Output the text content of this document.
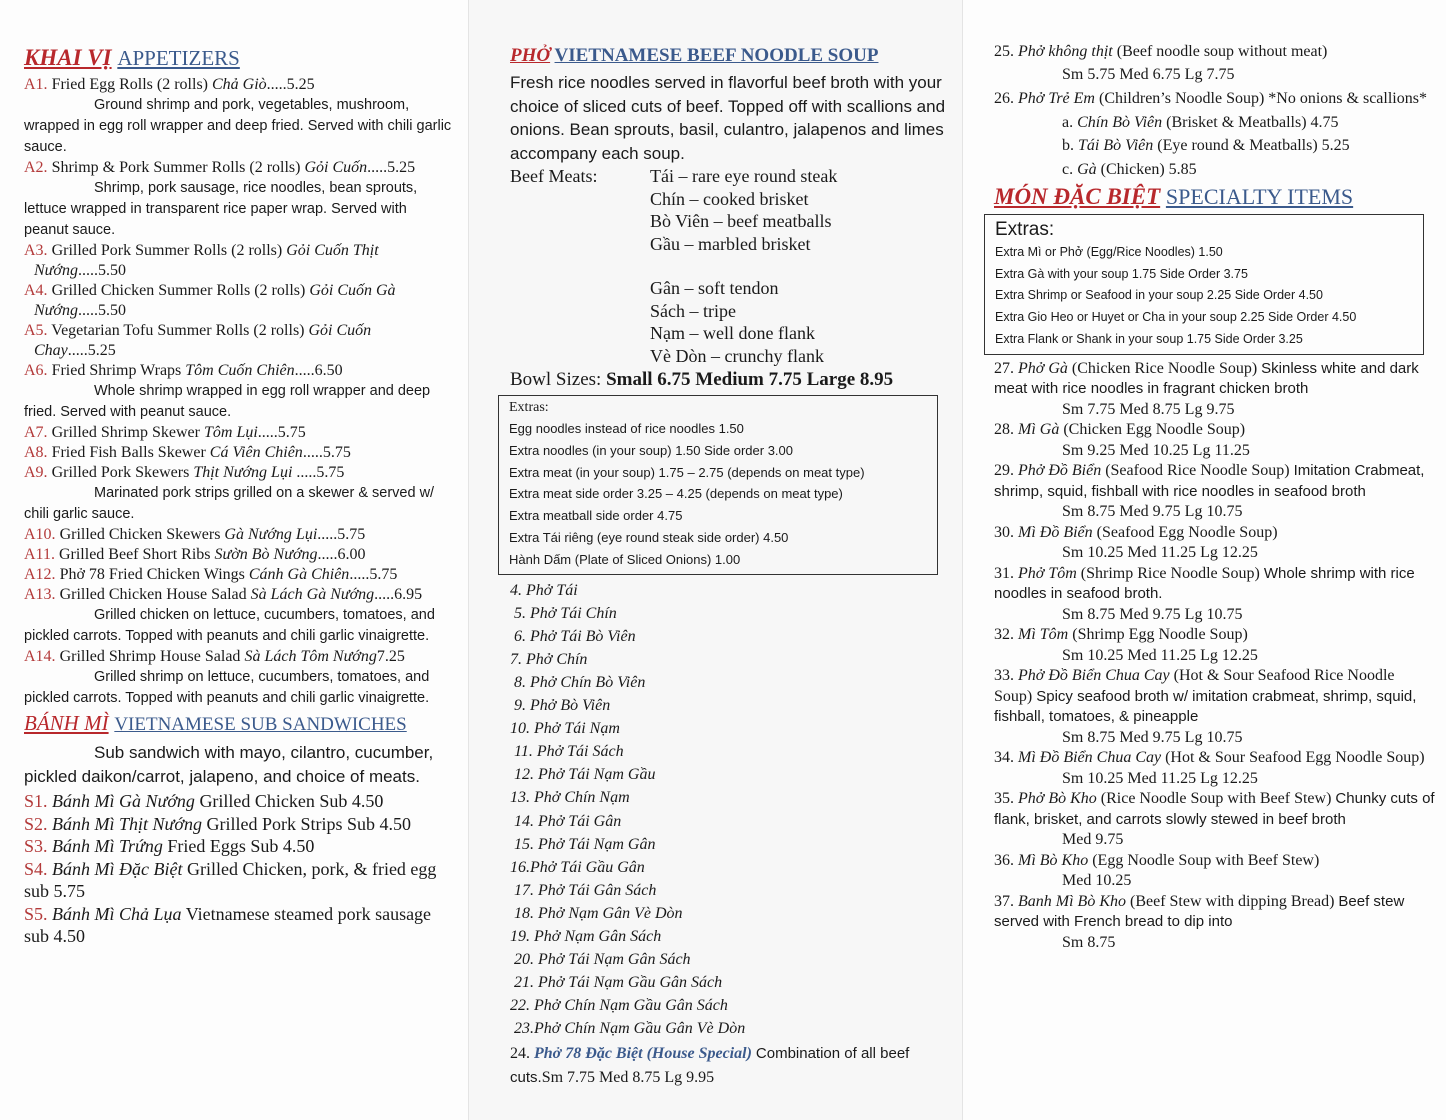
KHAI VỊ APPETIZERS

A1. Fried Egg Rolls (2 rolls) Chả Giò.....5.25

Ground shrimp and pork, vegetables, mushroom, wrapped in egg roll wrapper and deep fried. Served with chili garlic sauce.

A2. Shrimp & Pork Summer Rolls (2 rolls) Gỏi Cuốn.....5.25

Shrimp, pork sausage, rice noodles, bean sprouts, lettuce wrapped in transparent rice paper wrap. Served with peanut sauce.

A3. Grilled Pork Summer Rolls (2 rolls) Gỏi Cuốn Thịt Nướng.....5.50

A4. Grilled Chicken Summer Rolls (2 rolls) Gỏi Cuốn Gà Nướng.....5.50

A5. Vegetarian Tofu Summer Rolls (2 rolls) Gỏi Cuốn Chay.....5.25

A6. Fried Shrimp Wraps Tôm Cuốn Chiên.....6.50

Whole shrimp wrapped in egg roll wrapper and deep fried. Served with peanut sauce.

A7. Grilled Shrimp Skewer Tôm Lụi.....5.75

A8. Fried Fish Balls Skewer Cá Viên Chiên.....5.75

A9. Grilled Pork Skewers Thịt Nướng Lụi .....5.75

Marinated pork strips grilled on a skewer & served w/ chili garlic sauce.

A10. Grilled Chicken Skewers Gà Nướng Lụi.....5.75

A11. Grilled Beef Short Ribs Sườn Bò Nướng.....6.00

A12. Phở 78 Fried Chicken Wings Cánh Gà Chiên.....5.75

A13. Grilled Chicken House Salad Sà Lách Gà Nướng.....6.95

Grilled chicken on lettuce, cucumbers, tomatoes, and pickled carrots. Topped with peanuts and chili garlic vinaigrette.

A14. Grilled Shrimp House Salad Sà Lách Tôm Nướng7.25

Grilled shrimp on lettuce, cucumbers, tomatoes, and pickled carrots. Topped with peanuts and chili garlic vinaigrette.

BÁNH MÌ VIETNAMESE SUB SANDWICHES

Sub sandwich with mayo, cilantro, cucumber, pickled daikon/carrot, jalapeno, and choice of meats.

S1. Bánh Mì Gà Nướng Grilled Chicken Sub 4.50

S2. Bánh Mì Thịt Nướng Grilled Pork Strips Sub 4.50

S3. Bánh Mì Trứng Fried Eggs Sub 4.50

S4. Bánh Mì Đặc Biệt Grilled Chicken, pork, & fried egg sub 5.75

S5. Bánh Mì Chả Lụa Vietnamese steamed pork sausage sub 4.50

PHỞ VIETNAMESE BEEF NOODLE SOUP

Fresh rice noodles served in flavorful beef broth with your choice of sliced cuts of beef. Topped off with scallions and onions. Bean sprouts, basil, culantro, jalapenos and limes accompany each soup.

Beef Meats:	Tái – rare eye round steak
Chín – cooked brisket
Bò Viên – beef meatballs
Gầu – marbled brisket
Gân – soft tendon
Sách – tripe
Nạm – well done flank
Vè Dòn – crunchy flank

Bowl Sizes: Small 6.75 Medium 7.75 Large 8.95

Extras:
Egg noodles instead of rice noodles 1.50
Extra noodles (in your soup) 1.50 Side order 3.00
Extra meat (in your soup) 1.75 – 2.75 (depends on meat type)
Extra meat side order 3.25 – 4.25 (depends on meat type)
Extra meatball side order 4.75
Extra Tái riêng (eye round steak side order) 4.50
Hành Dấm (Plate of Sliced Onions) 1.00
4. Phở Tái
5. Phở Tái Chín
6. Phở Tái Bò Viên
7. Phở Chín
8. Phở Chín Bò Viên
9. Phở Bò Viên
10. Phở Tái Nạm
11. Phở Tái Sách
12. Phở Tái Nạm Gầu
13. Phở Chín Nạm
14. Phở Tái Gân
15. Phở Tái Nạm Gân
16.Phở Tái Gầu Gân
17. Phở Tái Gân Sách
18. Phở Nạm Gân Vè Dòn
19. Phở Nạm Gân Sách
20. Phở Tái Nạm Gân Sách
21. Phở Tái Nạm Gầu Gân Sách
22. Phở Chín Nạm Gầu Gân Sách
23.Phở Chín Nạm Gầu Gân Vè Dòn

24. Phở 78 Đặc Biệt (House Special) Combination of all beef cuts.Sm 7.75 Med 8.75 Lg 9.95

25. Phở không thịt (Beef noodle soup without meat)

Sm 5.75 Med 6.75 Lg 7.75

26. Phở Trẻ Em (Children’s Noodle Soup) *No onions & scallions*

a. Chín Bò Viên (Brisket & Meatballs) 4.75
b. Tái Bò Viên (Eye round & Meatballs) 5.25
c. Gà (Chicken) 5.85
MÓN ĐẶC BIỆT SPECIALTY ITEMS
Extras:
Extra Mì or Phở (Egg/Rice Noodles) 1.50
Extra Gà with your soup 1.75 Side Order 3.75
Extra Shrimp or Seafood in your soup 2.25 Side Order 4.50
Extra Gio Heo or Huyet or Cha in your soup 2.25 Side Order 4.50
Extra Flank or Shank in your soup 1.75 Side Order 3.25

27. Phở Gà (Chicken Rice Noodle Soup) Skinless white and dark meat with rice noodles in fragrant chicken broth

Sm 7.75 Med 8.75 Lg 9.75

28. Mì Gà (Chicken Egg Noodle Soup)

Sm 9.25 Med 10.25 Lg 11.25

29. Phở Đồ Biển (Seafood Rice Noodle Soup) Imitation Crabmeat, shrimp, squid, fishball with rice noodles in seafood broth

Sm 8.75 Med 9.75 Lg 10.75

30. Mì Đồ Biển (Seafood Egg Noodle Soup)

Sm 10.25 Med 11.25 Lg 12.25

31. Phở Tôm (Shrimp Rice Noodle Soup) Whole shrimp with rice noodles in seafood broth.

Sm 8.75 Med 9.75 Lg 10.75

32. Mì Tôm (Shrimp Egg Noodle Soup)

Sm 10.25 Med 11.25 Lg 12.25

33. Phở Đồ Biển Chua Cay (Hot & Sour Seafood Rice Noodle Soup) Spicy seafood broth w/ imitation crabmeat, shrimp, squid, fishball, tomatoes, & pineapple

Sm 8.75 Med 9.75 Lg 10.75

34. Mì Đồ Biển Chua Cay (Hot & Sour Seafood Egg Noodle Soup)

Sm 10.25 Med 11.25 Lg 12.25

35. Phở Bò Kho (Rice Noodle Soup with Beef Stew) Chunky cuts of flank, brisket, and carrots slowly stewed in beef broth

Med 9.75

36. Mì Bò Kho (Egg Noodle Soup with Beef Stew)

Med 10.25

37. Banh Mì Bò Kho (Beef Stew with dipping Bread) Beef stew served with French bread to dip into

Sm 8.75
